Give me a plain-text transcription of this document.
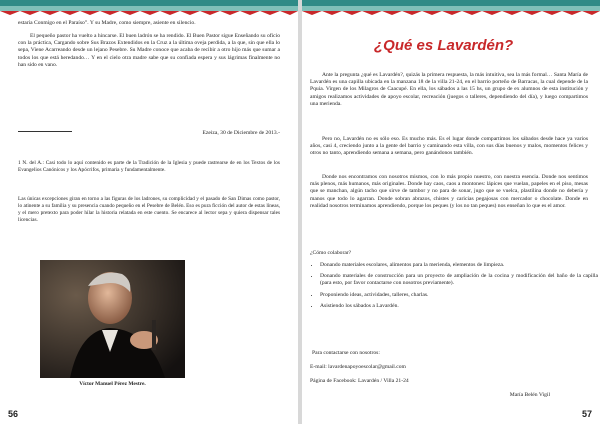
estaría Conmigo en el Paraíso”. Y su Madre, como siempre, asiente en silencio.

El pequeño pastor ha vuelto a hincarse. El buen ladrón se ha rendido. El Buen Pastor sigue Enseñando su oficio con la práctica, Cargando sobre Sus Brazos Extendidos en la Cruz a la última oveja perdida, a la que, sin que ella lo sepa, Viene Acarreando desde un lejano Pesebre. Su Madre conoce que acaba de recibir a otro hijo más que sumar a todos los que está heredando… Y en el cielo otra madre sabe que su confiada espera y sus lágrimas finalmente no han sido en vano.

Ezeiza, 30 de Diciembre de 2013.-

1 N. del A.: Casi todo lo aquí contenido es parte de la Tradición de la Iglesia y puede rastrearse de en los Textos de los Evangelios Canónicos y los Apócrifos, primaria y fundamentalmente.

Las únicas excepciones giran en torno a las figuras de los ladrones, su complicidad y el pasado de San Dimas como pastor, lo atinente a su familia y su presencia cuando pequeño en el Pesebre de Belén. Eso es pura ficción del autor de estas líneas, y el mero pretexto para poder hilar la historia relatada en este cuento. Se encarece al lector sepa y quiera dispensar tales licencias.

Víctor Manuel Pérez Mestre.

56	57

¿Qué es Lavardén?

Ante la pregunta ¿qué es Lavardén?, quizás la primera respuesta, la más intuitiva, sea la más formal… Santa María de Lavardén es una capilla ubicada en la manzana 18 de la villa 21-24, en el barrio porteño de Barracas, la cual depende de la Pquia. Virgen de los Milagros de Caacupé. En ella, los sábados a las 15 hs, un grupo de ex alumnos de esta institución y amigos realizamos actividades de apoyo escolar, recreación (juegos o talleres, dependiendo del día), y luego compartimos una merienda.

Pero no, Lavardén no es sólo eso. Es mucho más. Es el lugar donde compartimos los sábados desde hace ya varios años, casi 4, creciendo junto a la gente del barrio y caminando esta villa, con sus días buenos y malos, momentos felices y otros no tanto, aprendiendo semana a semana, pero ganándonos también.

Donde nos encontramos con nosotros mismos, con lo más propio nuestro, con nuestra esencia. Donde nos sentimos más plenos, más humanos, más originales. Donde hay caos, caos a montones: lápices que vuelan, papeles en el piso, mesas que se manchan, algún tacho que sirve de tambor y no para de sonar, jugo que se vuelca, plastilina donde no debería y manos que todo lo agarran. Donde sobran abrazos, chistes y caricias pegajosas con mercador o chocolate. Donde en realidad nosotros terminamos aprendiendo, porque los peques (y los no tan peques) nos enseñan lo que es el amor.

¿Cómo colaborar?

• Donando materiales escolares, alimentos para la merienda, elementos de limpieza.
• Donando materiales de construcción para un proyecto de ampliación de la cocina y modificación del baño de la capilla (para esto, por favor contactarse con nosotros previamente).
• Proponiendo ideas, actividades, talleres, charlas.
• Asistiendo los sábados a Lavardén.

Para contactarse con nosotros:

E-mail: lavardenapoyoescolar@gmail.com

Página de Facebook: Lavardén / Villa 21-24

María Belén Vigil
